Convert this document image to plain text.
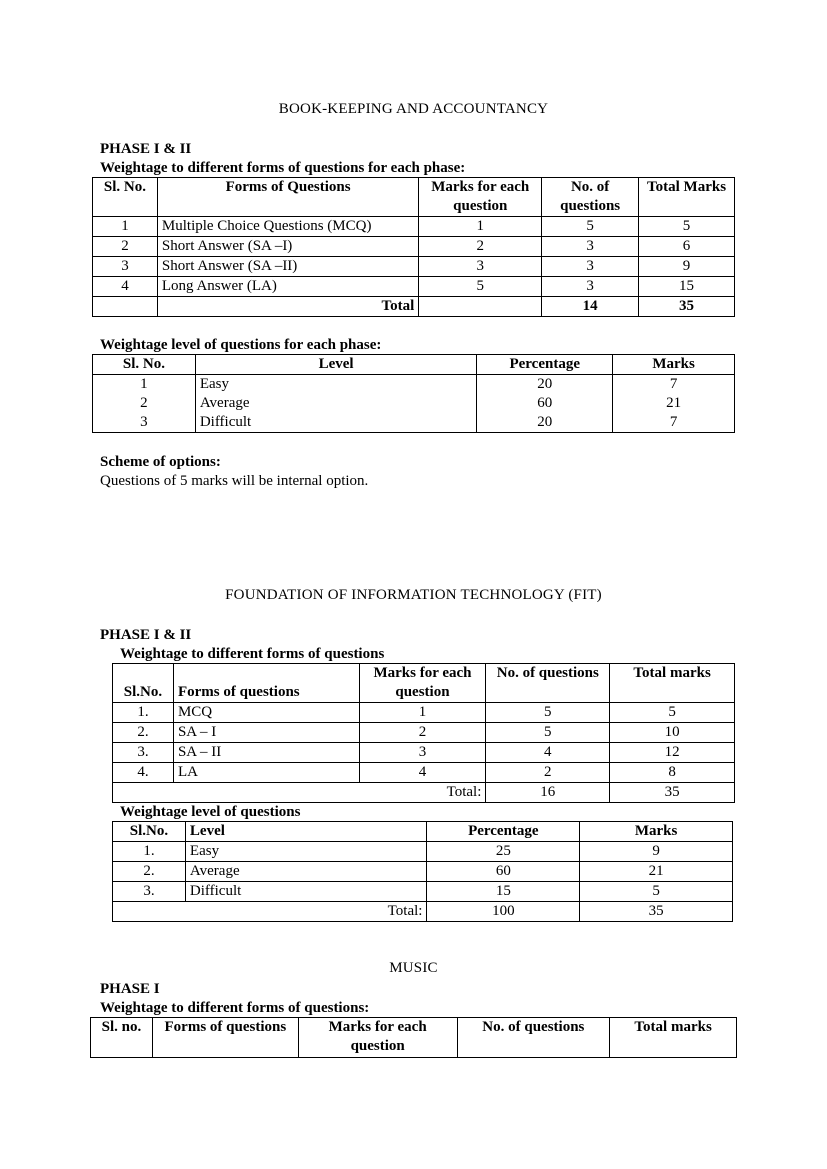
BOOK-KEEPING AND ACCOUNTANCY
PHASE I & II
Weightage to different forms of questions for each phase:
Sl. No.	Forms of Questions	Marks for each question	No. of questions	Total Marks
1	Multiple Choice Questions (MCQ)	1	5	5
2	Short Answer (SA –I)	2	3	6
3	Short Answer (SA –II)	3	3	9
4	Long Answer (LA)	5	3	15
	Total		14	35
Weightage level of questions for each phase:
Sl. No.	Level	Percentage	Marks
1	Easy	20	7
2	Average	60	21
3	Difficult	20	7
Scheme of options:
Questions of 5 marks will be internal option.
FOUNDATION OF INFORMATION TECHNOLOGY (FIT)
PHASE I & II
Weightage to different forms of questions
Sl.No.	Forms of questions	Marks for each question	No. of questions	Total marks
1.	MCQ	1	5	5
2.	SA – I	2	5	10
3.	SA – II	3	4	12
4.	LA	4	2	8
Total:			16	35
Weightage level of questions
Sl.No.	Level	Percentage	Marks
1.	Easy	25	9
2.	Average	60	21
3.	Difficult	15	5
Total:		100	35
MUSIC
PHASE I
Weightage to different forms of questions:
Sl. no.	Forms of questions	Marks for each question	No. of questions	Total marks
